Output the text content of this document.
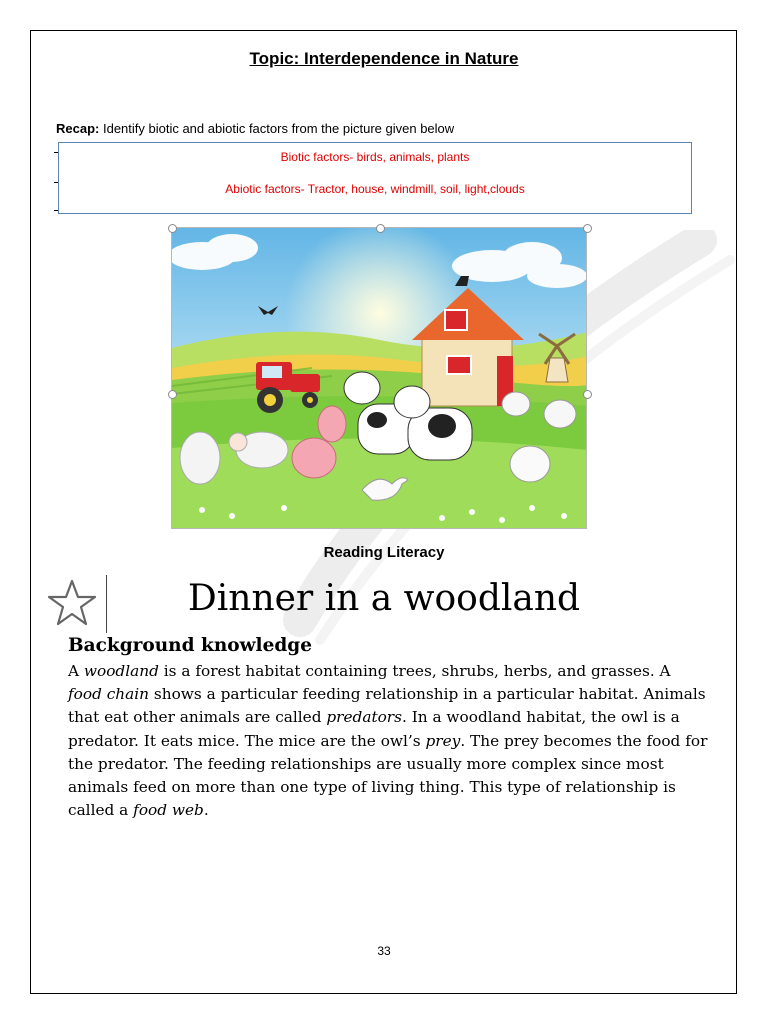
Topic: Interdependence in Nature
Recap: Identify biotic and abiotic factors from the picture given below
Biotic factors- birds, animals, plants
Abiotic factors- Tractor, house, windmill, soil, light,clouds
Reading Literacy
Dinner in a woodland
Background knowledge
A woodland is a forest habitat containing trees, shrubs, herbs, and grasses. A food chain shows a particular feeding relationship in a particular habitat. Animals that eat other animals are called predators. In a woodland habitat, the owl is a predator. It eats mice. The mice are the owl’s prey. The prey becomes the food for the predator. The feeding relationships are usually more complex since most animals feed on more than one type of living thing. This type of relationship is called a food web.
33
